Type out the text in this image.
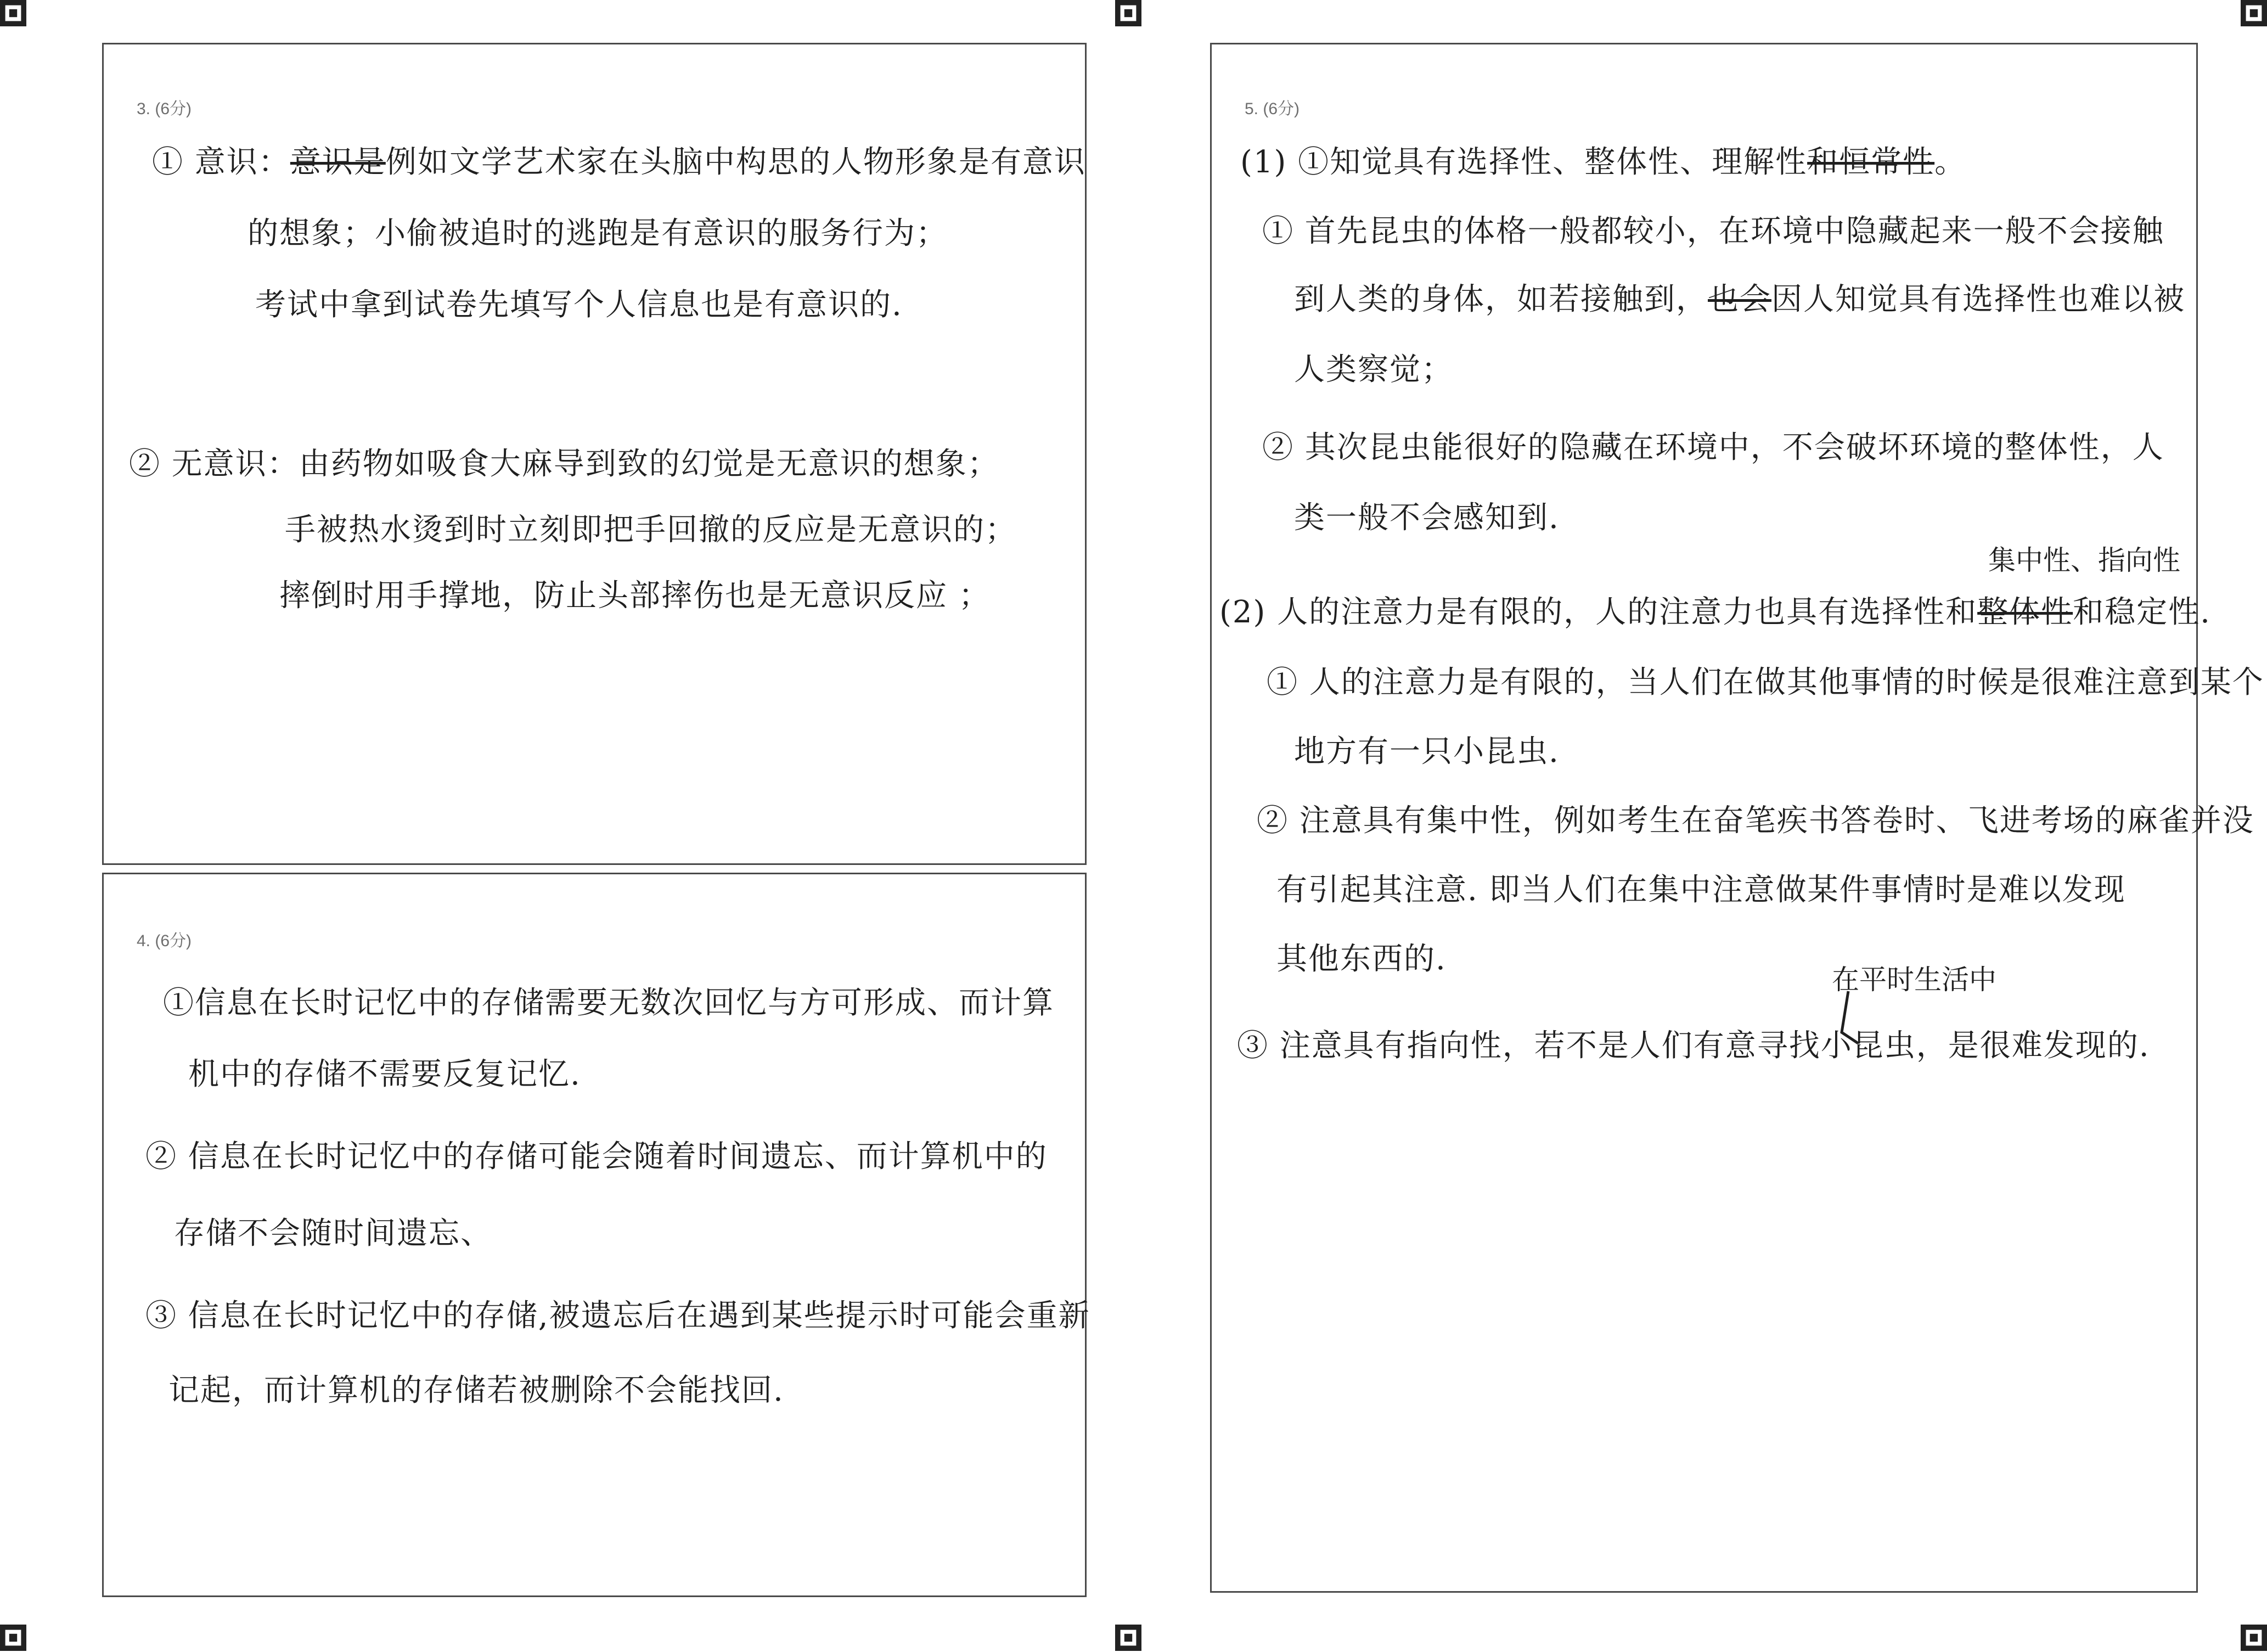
3. (6分)
① 意识：意识是例如文学艺术家在头脑中构思的人物形象是有意识
的想象；小偷被追时的逃跑是有意识的服务行为；
考试中拿到试卷先填写个人信息也是有意识的.
② 无意识：由药物如吸食大麻导到致的幻觉是无意识的想象；
手被热水烫到时立刻即把手回撤的反应是无意识的；
摔倒时用手撑地，防止头部摔伤也是无意识反应 ；
4. (6分)
①信息在长时记忆中的存储需要无数次回忆与方可形成、而计算
机中的存储不需要反复记忆.
② 信息在长时记忆中的存储可能会随着时间遗忘、而计算机中的
存储不会随时间遗忘、
③ 信息在长时记忆中的存储,被遗忘后在遇到某些提示时可能会重新
记起，而计算机的存储若被删除不会能找回.
5. (6分)
(1) ①知觉具有选择性、整体性、理解性和恒常性。
① 首先昆虫的体格一般都较小，在环境中隐藏起来一般不会接触
到人类的身体，如若接触到，也会因人知觉具有选择性也难以被
人类察觉；
② 其次昆虫能很好的隐藏在环境中，不会破坏环境的整体性，人
类一般不会感知到.
集中性、指向性
(2) 人的注意力是有限的，人的注意力也具有选择性和整体性和稳定性.
① 人的注意力是有限的，当人们在做其他事情的时候是很难注意到某个
地方有一只小昆虫.
② 注意具有集中性，例如考生在奋笔疾书答卷时、飞进考场的麻雀并没
有引起其注意. 即当人们在集中注意做某件事情时是难以发现
其他东西的.
在平时生活中
③ 注意具有指向性，若不是人们有意寻找小昆虫，是很难发现的.
